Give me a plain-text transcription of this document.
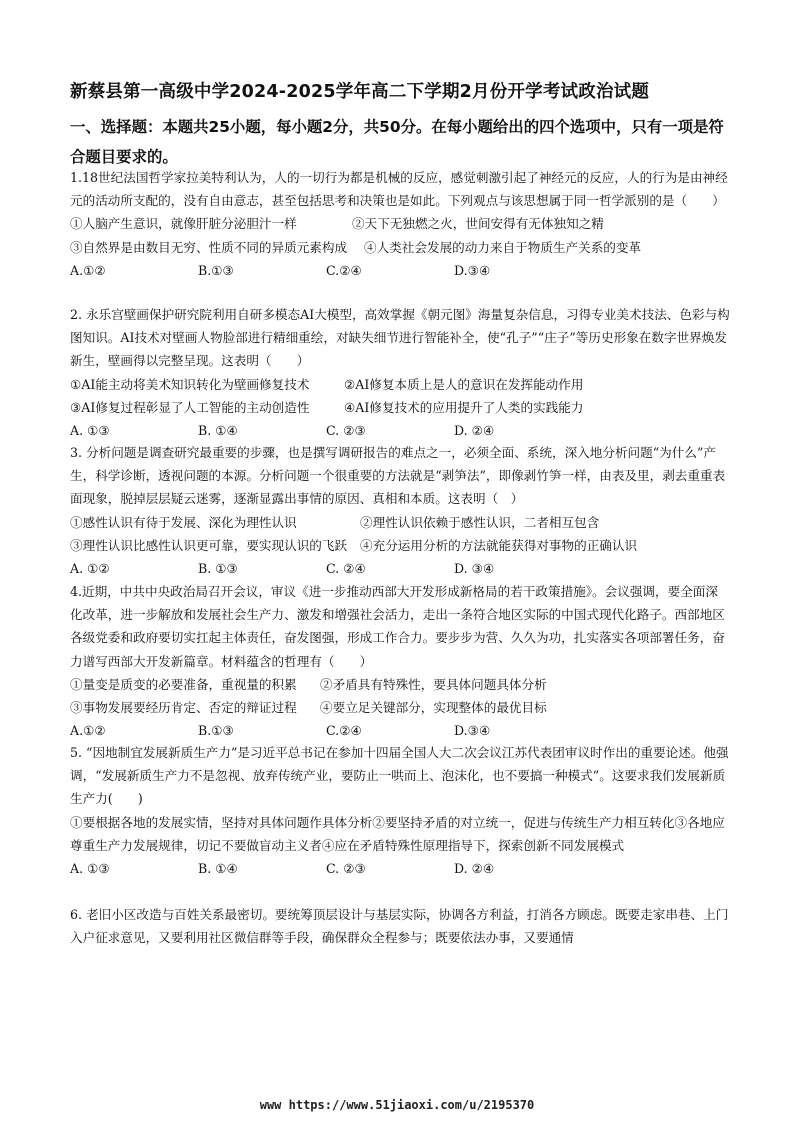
新蔡县第一高级中学2024-2025学年高二下学期2月份开学考试政治试题
一、选择题：本题共25小题，每小题2分，共50分。在每小题给出的四个选项中，只有一项是符合题目要求的。

1.18世纪法国哲学家拉美特利认为，人的一切行为都是机械的反应，感觉刺激引起了神经元的反应，人的行为是由神经元的活动所支配的，没有自由意志，甚至包括思考和决策也是如此。下列观点与该思想属于同一哲学派别的是（　　）

①人脑产生意识，就像肝脏分泌胆汁一样	②天下无独燃之火，世间安得有无体独知之精
③自然界是由数目无穷、性质不同的异质元素构成	④人类社会发展的动力来自于物质生产关系的变革
A.①②	B.①③	C.②④	D.③④

2. 永乐宫壁画保护研究院利用自研多模态AI大模型，高效掌握《朝元图》海量复杂信息，习得专业美术技法、色彩与构图知识。AI技术对壁画人物脸部进行精细重绘，对缺失细节进行智能补全，使“孔子”“庄子”等历史形象在数字世界焕发新生，壁画得以完整呈现。这表明（　　）

①AI能主动将美术知识转化为壁画修复技术	②AI修复本质上是人的意识在发挥能动作用
③AI修复过程彰显了人工智能的主动创造性	④AI修复技术的应用提升了人类的实践能力
A. ①③	B. ①④	C. ②③	D. ②④

3. 分析问题是调查研究最重要的步骤，也是撰写调研报告的难点之一，必须全面、系统，深入地分析问题“为什么”产生，科学诊断，透视问题的本源。分析问题一个很重要的方法就是“剥笋法”，即像剥竹笋一样，由表及里，剥去重重表面现象，脱掉层层疑云迷雾，逐渐显露出事情的原因、真相和本质。这表明（　）

①感性认识有待于发展、深化为理性认识	②理性认识依赖于感性认识，二者相互包含
③理性认识比感性认识更可靠，要实现认识的飞跃	④充分运用分析的方法就能获得对事物的正确认识
A. ①②	B. ①③	C. ②④	D. ③④

4.近期，中共中央政治局召开会议，审议《进一步推动西部大开发形成新格局的若干政策措施》。会议强调，要全面深化改革，进一步解放和发展社会生产力、激发和增强社会活力，走出一条符合地区实际的中国式现代化路子。西部地区各级党委和政府要切实扛起主体责任，奋发图强，形成工作合力。要步步为营、久久为功，扎实落实各项部署任务，奋力谱写西部大开发新篇章。材料蕴含的哲理有（　　）

①量变是质变的必要准备，重视量的积累	②矛盾具有特殊性，要具体问题具体分析
③事物发展要经历肯定、否定的辩证过程	④要立足关键部分，实现整体的最优目标
A.①②	B.①③	C.②④	D.③④

5. “因地制宜发展新质生产力”是习近平总书记在参加十四届全国人大二次会议江苏代表团审议时作出的重要论述。他强调，“发展新质生产力不是忽视、放弃传统产业，要防止一哄而上、泡沫化，也不要搞一种模式”。这要求我们发展新质生产力(　　)

①要根据各地的发展实情，坚持对具体问题作具体分析②要坚持矛盾的对立统一，促进与传统生产力相互转化③各地应尊重生产力发展规律，切记不要做盲动主义者④应在矛盾特殊性原理指导下，探索创新不同发展模式

A. ①③	B. ①④	C. ②③	D. ②④

6. 老旧小区改造与百姓关系最密切。要统筹顶层设计与基层实际，协调各方利益，打消各方顾虑。既要走家串巷、上门入户征求意见，又要利用社区微信群等手段，确保群众全程参与；既要依法办事，又要通情

www https://www.51jiaoxi.com/u/2195370
